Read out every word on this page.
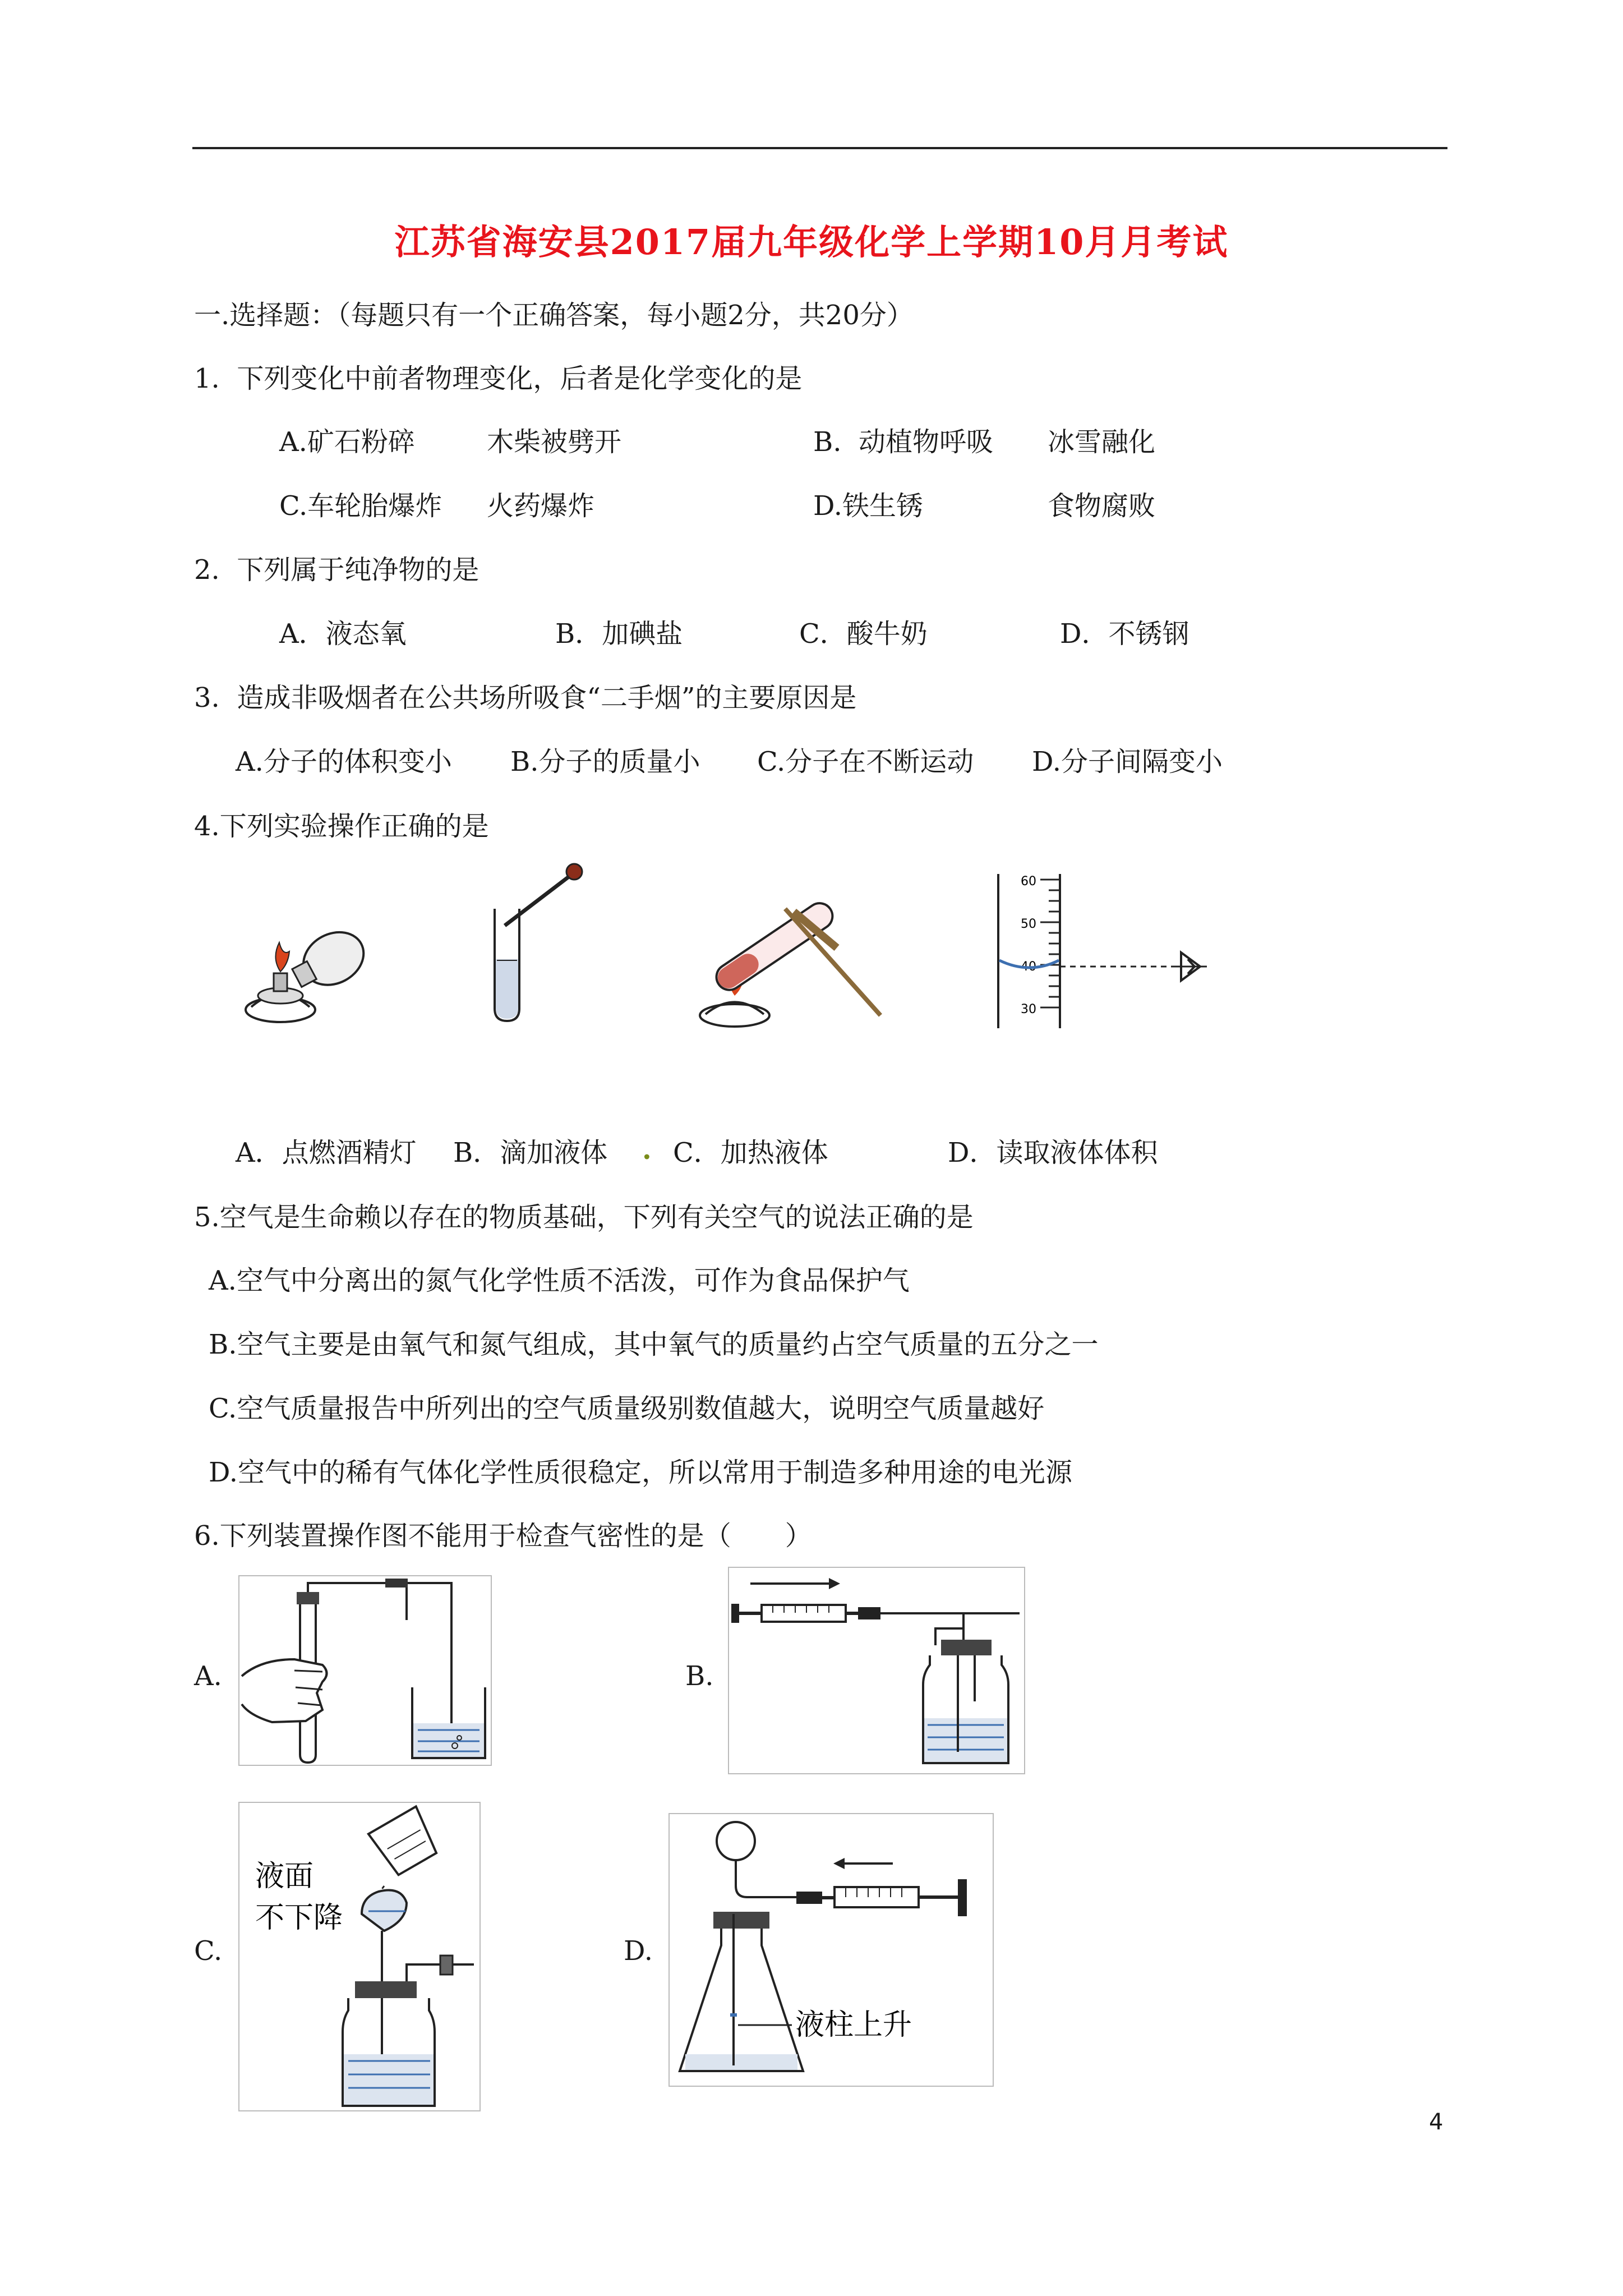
江苏省海安县2017届九年级化学上学期10月月考试
一.选择题：（每题只有一个正确答案，每小题2分，共20分）
1.  下列变化中前者物理变化，后者是化学变化的是
A.矿石粉碎	木柴被劈开	B.  动植物呼吸 冰雪融化
C.车轮胎爆炸 火药爆炸	D.铁生锈	食物腐败
2.  下列属于纯净物的是
A．液态氧	B．加碘盐	C．酸牛奶	D．不锈钢
3.  造成非吸烟者在公共场所吸食“二手烟”的主要原因是
A.分子的体积变小 B.分子的质量小 C.分子在不断运动 D.分子间隔变小
4.下列实验操作正确的是
60
50
40
30
A．点燃酒精灯 B．滴加液体 . C．加热液体	D．读取液体体积
5.空气是生命赖以存在的物质基础，下列有关空气的说法正确的是
A.空气中分离出的氮气化学性质不活泼，可作为食品保护气
B.空气主要是由氧气和氮气组成，其中氧气的质量约占空气质量的五分之一
C.空气质量报告中所列出的空气质量级别数值越大，说明空气质量越好
D.空气中的稀有气体化学性质很稳定，所以常用于制造多种用途的电光源
6.下列装置操作图不能用于检查气密性的是（　　）
A.	B.
C.
液面
不下降
D.
液柱上升
4
